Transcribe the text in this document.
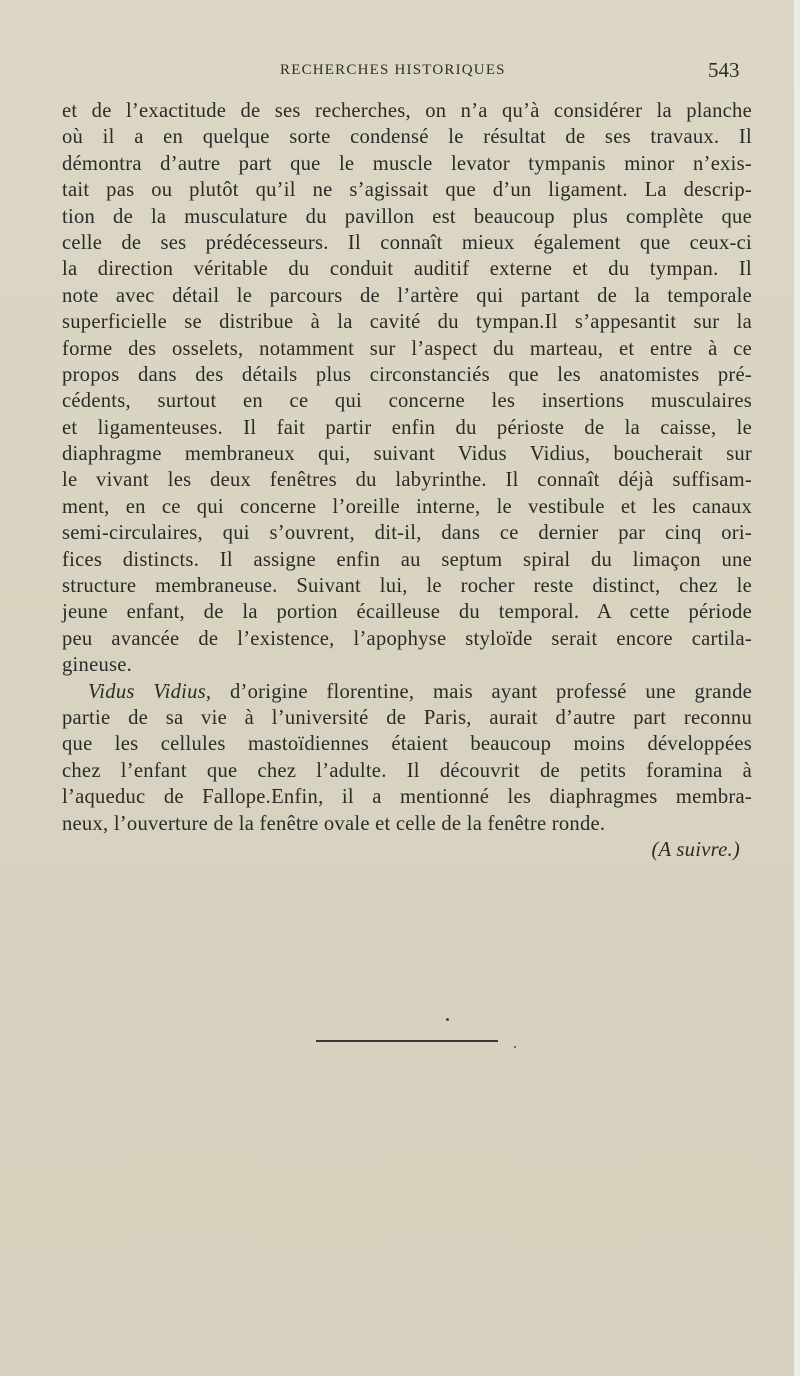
RECHERCHES HISTORIQUES	543
et de l’exactitude de ses recherches, on n’a qu’à considérer la planche
où il a en quelque sorte condensé le résultat de ses travaux. Il
démontra d’autre part que le muscle levator tympanis minor n’exis-
tait pas ou plutôt qu’il ne s’agissait que d’un ligament. La descrip-
tion de la musculature du pavillon est beaucoup plus complète que
celle de ses prédécesseurs. Il connaît mieux également que ceux-ci
la direction véritable du conduit auditif externe et du tympan. Il
note avec détail le parcours de l’artère qui partant de la temporale
superficielle se distribue à la cavité du tympan.Il s’appesantit sur la
forme des osselets, notamment sur l’aspect du marteau, et entre à ce
propos dans des détails plus circonstanciés que les anatomistes pré-
cédents, surtout en ce qui concerne les insertions musculaires
et ligamenteuses. Il fait partir enfin du périoste de la caisse, le
diaphragme membraneux qui, suivant Vidus Vidius, boucherait sur
le vivant les deux fenêtres du labyrinthe. Il connaît déjà suffisam-
ment, en ce qui concerne l’oreille interne, le vestibule et les canaux
semi-circulaires, qui s’ouvrent, dit-il, dans ce dernier par cinq ori-
fices distincts. Il assigne enfin au septum spiral du limaçon une
structure membraneuse. Suivant lui, le rocher reste distinct, chez le
jeune enfant, de la portion écailleuse du temporal. A cette période
peu avancée de l’existence, l’apophyse styloïde serait encore cartila-
gineuse.
Vidus Vidius, d’origine florentine, mais ayant professé une grande
partie de sa vie à l’université de Paris, aurait d’autre part reconnu
que les cellules mastoïdiennes étaient beaucoup moins développées
chez l’enfant que chez l’adulte. Il découvrit de petits foramina à
l’aqueduc de Fallope.Enfin, il a mentionné les diaphragmes membra-
neux, l’ouverture de la fenêtre ovale et celle de la fenêtre ronde.
(A suivre.)
